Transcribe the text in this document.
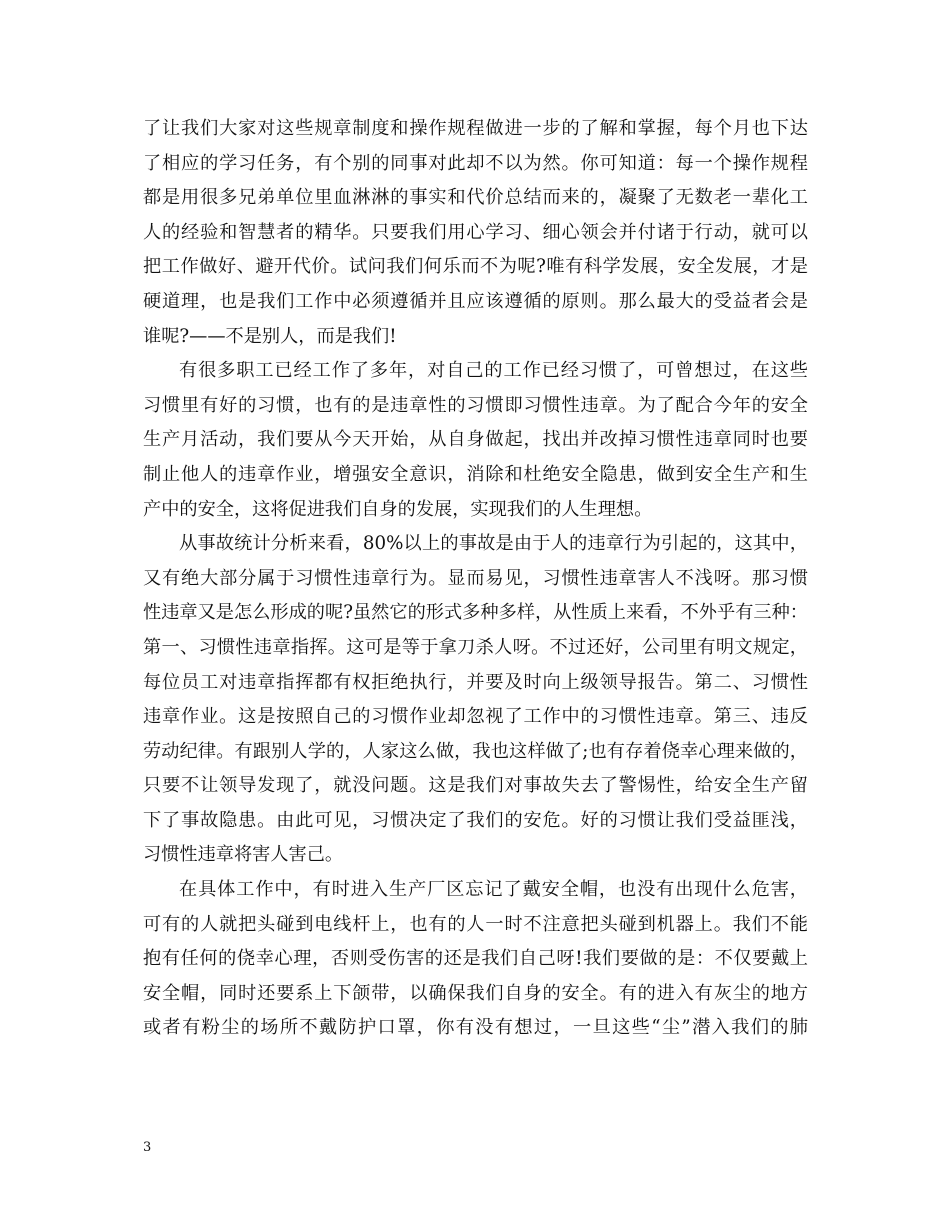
了让我们大家对这些规章制度和操作规程做进一步的了解和掌握，每个月也下达
了相应的学习任务，有个别的同事对此却不以为然。你可知道：每一个操作规程
都是用很多兄弟单位里血淋淋的事实和代价总结而来的，凝聚了无数老一辈化工
人的经验和智慧者的精华。只要我们用心学习、细心领会并付诸于行动，就可以
把工作做好、避开代价。试问我们何乐而不为呢?唯有科学发展，安全发展，才是
硬道理，也是我们工作中必须遵循并且应该遵循的原则。那么最大的受益者会是
谁呢?——不是别人，而是我们!
有很多职工已经工作了多年，对自己的工作已经习惯了，可曾想过，在这些
习惯里有好的习惯，也有的是违章性的习惯即习惯性违章。为了配合今年的安全
生产月活动，我们要从今天开始，从自身做起，找出并改掉习惯性违章同时也要
制止他人的违章作业，增强安全意识，消除和杜绝安全隐患，做到安全生产和生
产中的安全，这将促进我们自身的发展，实现我们的人生理想。
从事故统计分析来看，80%以上的事故是由于人的违章行为引起的，这其中，
又有绝大部分属于习惯性违章行为。显而易见，习惯性违章害人不浅呀。那习惯
性违章又是怎么形成的呢?虽然它的形式多种多样，从性质上来看，不外乎有三种：
第一、习惯性违章指挥。这可是等于拿刀杀人呀。不过还好，公司里有明文规定，
每位员工对违章指挥都有权拒绝执行，并要及时向上级领导报告。第二、习惯性
违章作业。这是按照自己的习惯作业却忽视了工作中的习惯性违章。第三、违反
劳动纪律。有跟别人学的，人家这么做，我也这样做了;也有存着侥幸心理来做的，
只要不让领导发现了，就没问题。这是我们对事故失去了警惕性，给安全生产留
下了事故隐患。由此可见，习惯决定了我们的安危。好的习惯让我们受益匪浅，
习惯性违章将害人害己。
在具体工作中，有时进入生产厂区忘记了戴安全帽，也没有出现什么危害，
可有的人就把头碰到电线杆上，也有的人一时不注意把头碰到机器上。我们不能
抱有任何的侥幸心理，否则受伤害的还是我们自己呀!我们要做的是：不仅要戴上
安全帽，同时还要系上下颌带，以确保我们自身的安全。有的进入有灰尘的地方
或者有粉尘的场所不戴防护口罩，你有没有想过，一旦这些“尘”潜入我们的肺
3
